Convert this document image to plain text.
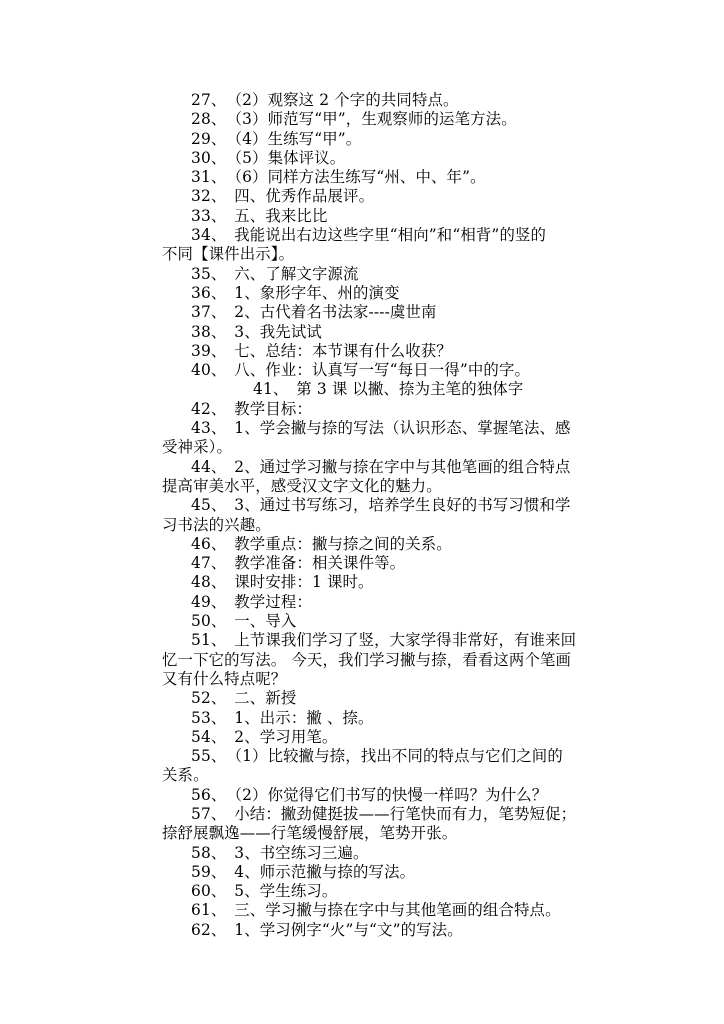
27、　（2）观察这 2 个字的共同特点。
28、　（3）师范写“甲”，生观察师的运笔方法。
29、　（4）生练写“甲”。
30、　（5）集体评议。
31、　（6）同样方法生练写“州、中、年”。
32、　四、优秀作品展评。
33、　五、我来比比
34、　我能说出右边这些字里“相向”和“相背”的竖的
不同【课件出示】。
35、　六、了解文字源流
36、　1、象形字年、州的演变
37、　2、古代着名书法家----虞世南
38、　3、我先试试
39、　七、总结：本节课有什么收获？
40、　八、作业：认真写一写“每日一得”中的字。
41、　第 3 课 以撇、捺为主笔的独体字
42、　教学目标：
43、　1、学会撇与捺的写法（认识形态、掌握笔法、感
受神采）。
44、　2、通过学习撇与捺在字中与其他笔画的组合特点
提高审美水平，感受汉文字文化的魅力。
45、　3、通过书写练习，培养学生良好的书写习惯和学
习书法的兴趣。
46、　教学重点：撇与捺之间的关系。
47、　教学准备：相关课件等。
48、　课时安排：1 课时。
49、　教学过程：
50、　一、导入
51、　上节课我们学习了竖，大家学得非常好，有谁来回
忆一下它的写法。 今天，我们学习撇与捺，看看这两个笔画
又有什么特点呢？
52、　二、新授
53、　1、出示：撇 、捺。
54、　2、学习用笔。
55、　（1）比较撇与捺，找出不同的特点与它们之间的
关系。
56、　（2）你觉得它们书写的快慢一样吗？为什么？
57、　小结：撇劲健挺拔——行笔快而有力，笔势短促；
捺舒展飘逸——行笔缓慢舒展，笔势开张。
58、　3、书空练习三遍。
59、　4、师示范撇与捺的写法。
60、　5、学生练习。
61、　三、学习撇与捺在字中与其他笔画的组合特点。
62、　1、学习例字“火”与“文”的写法。
